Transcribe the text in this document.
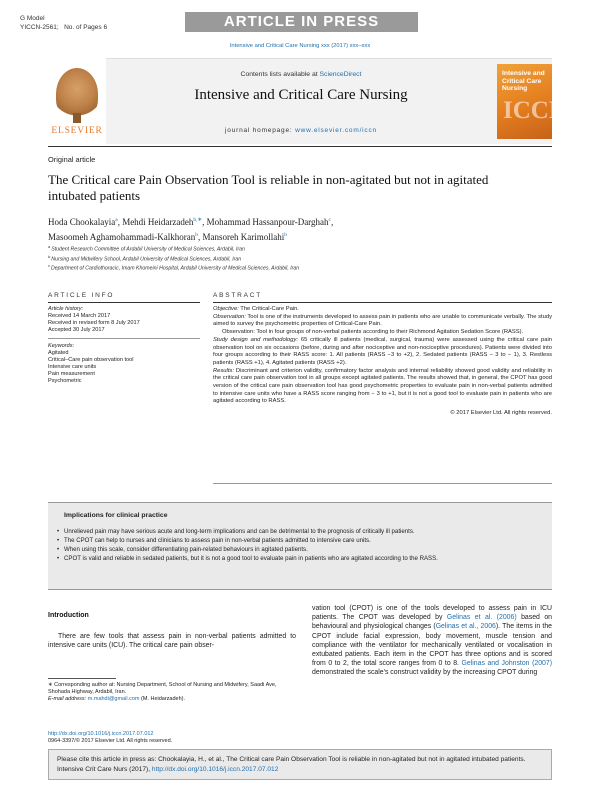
G Model
YICCN-2561; No. of Pages 6	ARTICLE IN PRESS
Intensive and Critical Care Nursing xxx (2017) xxx–xxx
ELSEVIER
Contents lists available at ScienceDirect
Intensive and Critical Care Nursing
journal homepage: www.elsevier.com/iccn
Intensive and Critical Care Nursing
ICCN
Original article
The Critical care Pain Observation Tool is reliable in non-agitated but not in agitated intubated patients
Hoda Chookalayia$^a$, Mehdi Heidarzadeh$^{b,∗}$, Mohammad Hassanpour-Darghah$^c$,
Masoomeh Aghamohammadi-Kalkhoran$^b$, Mansoreh Karimollahi$^b$
$^a$Student Research Committee of Ardabil University of Medical Sciences, Ardabil, Iran
$^b$Nursing and Midwifery School, Ardabil University of Medical Sciences, Ardabil, Iran
$^c$Department of Cardiothoracic, Imam Khomeini Hospital, Ardabil University of Medical Sciences, Ardabil, Iran
ARTICLE INFO
Article history:
Received 14 March 2017
Received in revised form 8 July 2017
Accepted 30 July 2017
Keywords:
Agitated
Critical–Care pain observation tool
Intensive care units
Pain measurement
Psychometric
ABSTRACT

Objective: The Critical-Care Pain.

Observation: Tool is one of the instruments developed to assess pain in patients who are unable to communicate verbally. The study aimed to survey the psychometric properties of Critical-Care Pain.

Observation: Tool in four groups of non-verbal patients according to their Richmond Agitation Sedation Score (RASS).

Study design and methodology: 65 critically ill patients (medical, surgical, trauma) were assessed using the critical care pain observation tool on six occasions (before, during and after nociceptive and non-nociceptive procedures). Patients were divided into four groups according to their RASS score: 1. All patients (RASS −3 to +2), 2. Sedated patients (RASS − 3 to − 1), 3. Restless patients (RASS +1), 4. Agitated patients (RASS +2).

Results: Discriminant and criterion validity, confirmatory factor analysis and internal reliability showed good validity and reliability in the critical care pain observation tool in all groups except agitated patients. The results showed that, in general, the CPOT has good version of the critical care pain observation tool has good psychometric properties to evaluate pain in non-verbal patients admitted to intensive care units who have a RASS score ranging from − 3 to +1, but it is not a good tool to evaluate pain in patients who are agitated according to RASS.

© 2017 Elsevier Ltd. All rights reserved.

Implications for clinical practice
• Unrelieved pain may have serious acute and long-term implications and can be detrimental to the prognosis of critically ill patients.
• The CPOT can help to nurses and clinicians to assess pain in non-verbal patients admitted to intensive care units.
• When using this scale, consider differentiating pain-related behaviours in agitated patients.
• CPOT is valid and reliable in sedated patients, but it is not a good tool to evaluate pain in patients who are agitated according to the RASS.
Introduction
There are few tools that assess pain in non-verbal patients admitted to intensive care units (ICU). The critical care pain obser-
vation tool (CPOT) is one of the tools developed to assess pain in ICU patients. The CPOT was developed by Gelinas et al. (2006) based on behavioural and physiological changes (Gelinas et al., 2006). The items in the CPOT include facial expression, body movement, muscle tension and compliance with the ventilator for mechanically ventilated or vocalisation in extubated patients. Each item in the CPOT has three options and is scored from 0 to 2, the total score ranges from 0 to 8. Gelinas and Johnston (2007) demonstrated the scale's construct validity by the increasing CPOT during
∗ Corresponding author at: Nursing Department, School of Nursing and Midwifery, Saadi Ave, Shohada Highway, Ardabil, Iran.
E-mail address: m.mahdi@gmail.com (M. Heidarzadeh).
http://dx.doi.org/10.1016/j.iccn.2017.07.012
0964-3397/© 2017 Elsevier Ltd. All rights reserved.
Please cite this article in press as: Chookalayia, H., et al., The Critical care Pain Observation Tool is reliable in non-agitated but not in agitated intubated patients. Intensive Crit Care Nurs (2017), http://dx.doi.org/10.1016/j.iccn.2017.07.012
